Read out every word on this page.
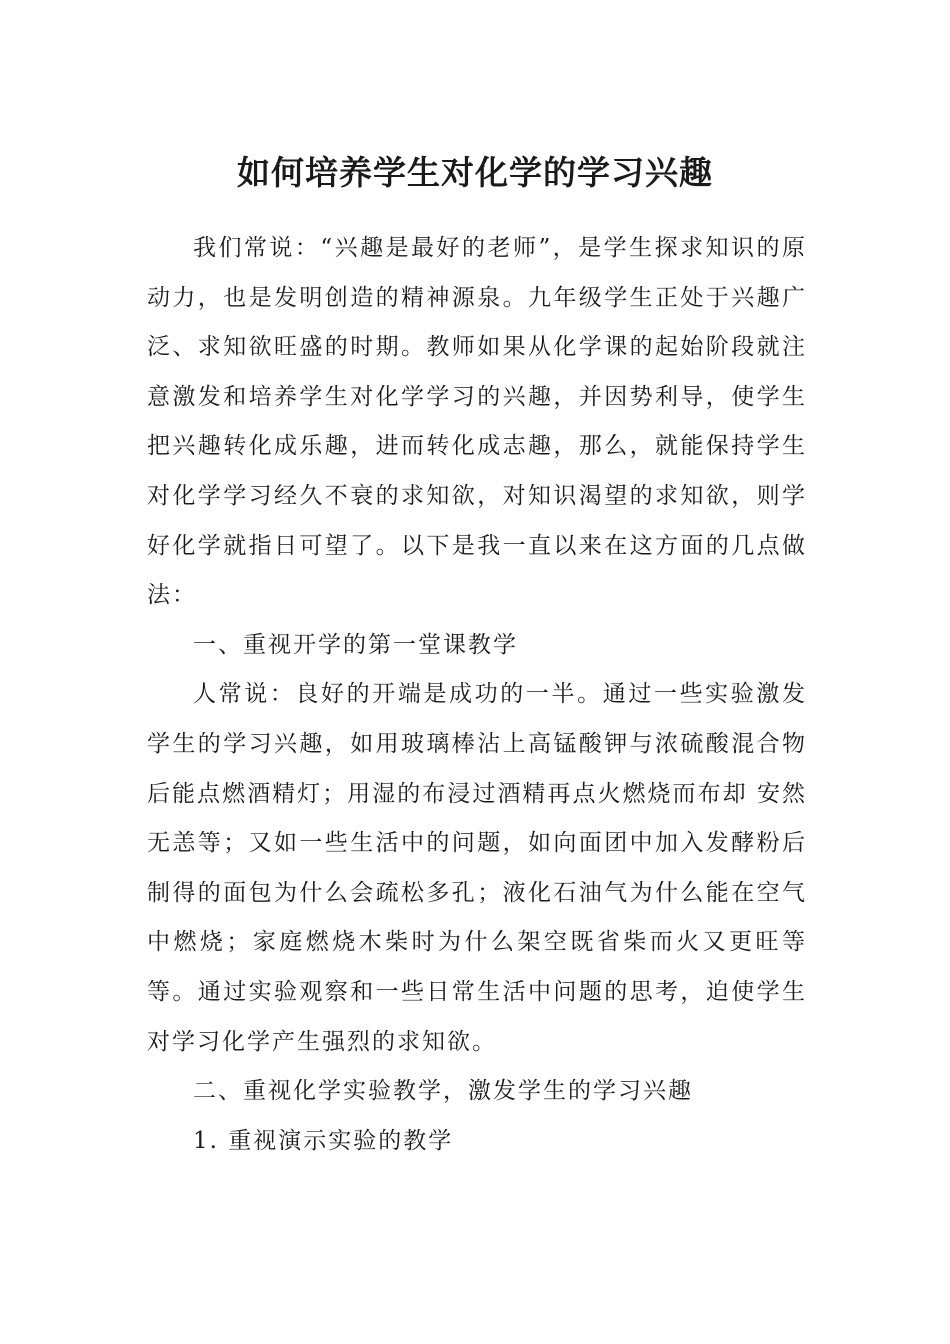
如何培养学生对化学的学习兴趣

我们常说：“兴趣是最好的老师”，是学生探求知识的原动力，也是发明创造的精神源泉。九年级学生正处于兴趣广泛、求知欲旺盛的时期。教师如果从化学课的起始阶段就注意激发和培养学生对化学学习的兴趣，并因势利导，使学生把兴趣转化成乐趣，进而转化成志趣，那么，就能保持学生对化学学习经久不衰的求知欲，对知识渴望的求知欲，则学好化学就指日可望了。以下是我一直以来在这方面的几点做法：

一、重视开学的第一堂课教学

人常说：良好的开端是成功的一半。通过一些实验激发学生的学习兴趣，如用玻璃棒沾上高锰酸钾与浓硫酸混合物后能点燃酒精灯；用湿的布浸过酒精再点火燃烧而布却 安然无恙等；又如一些生活中的问题，如向面团中加入发酵粉后制得的面包为什么会疏松多孔；液化石油气为什么能在空气中燃烧；家庭燃烧木柴时为什么架空既省柴而火又更旺等等。通过实验观察和一些日常生活中问题的思考，迫使学生对学习化学产生强烈的求知欲。

二、重视化学实验教学，激发学生的学习兴趣

1. 重视演示实验的教学
